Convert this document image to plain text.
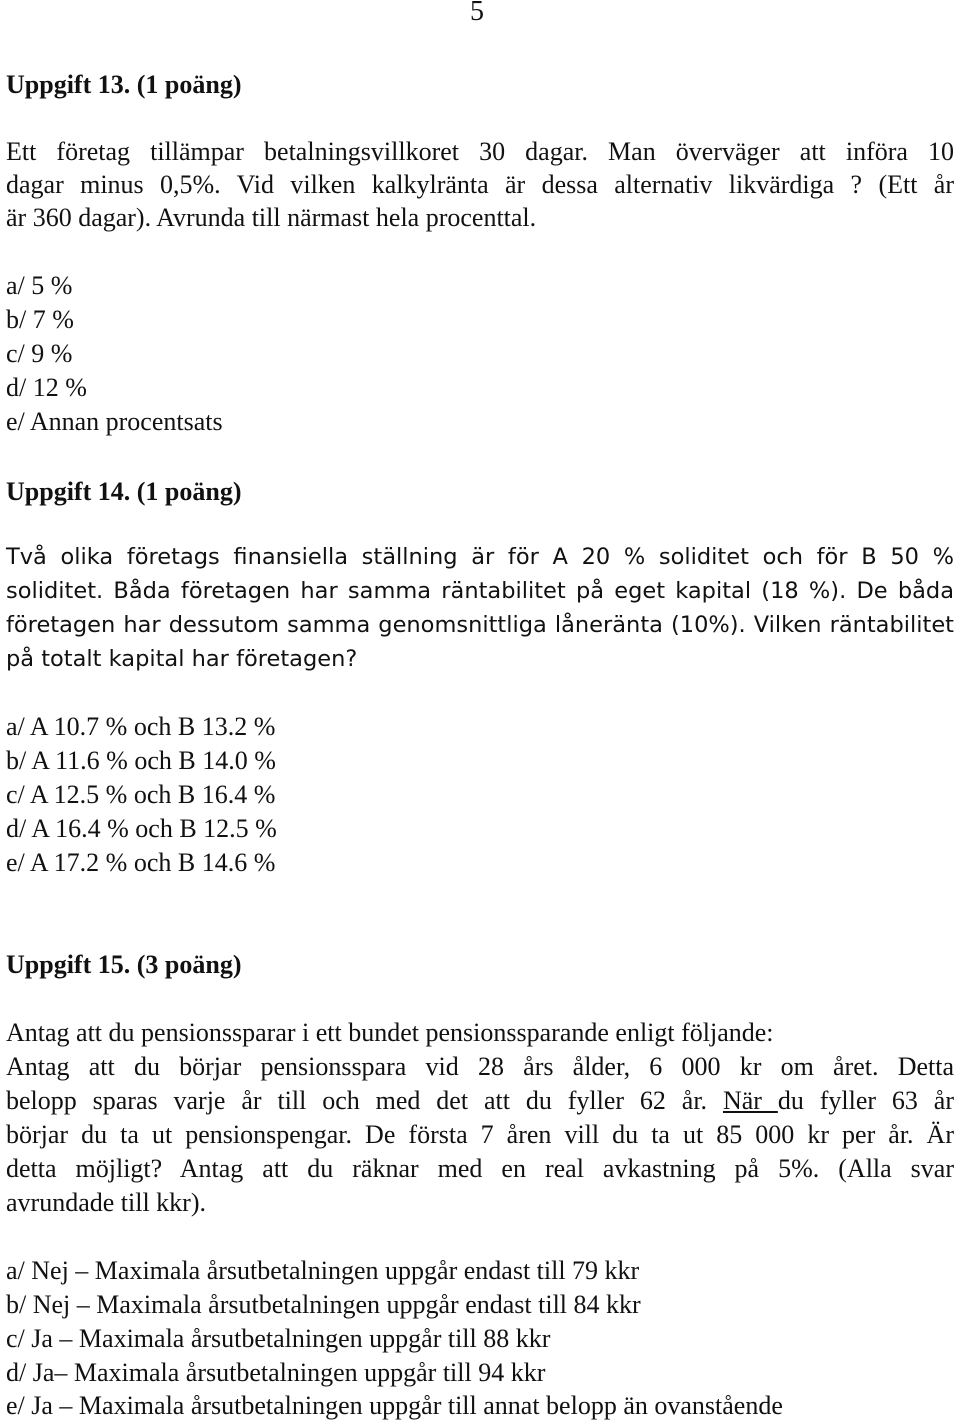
5
Uppgift 13. (1 poäng)
Ett företag tillämpar betalningsvillkoret 30 dagar. Man överväger att införa 10
dagar minus 0,5%. Vid vilken kalkylränta är dessa alternativ likvärdiga ? (Ett år
är 360 dagar). Avrunda till närmast hela procenttal.
a/ 5 %
b/ 7 %
c/ 9 %
d/ 12 %
e/ Annan procentsats
Uppgift 14. (1 poäng)
Två olika företags finansiella ställning är för A 20 % soliditet och för B 50 %
soliditet. Båda företagen har samma räntabilitet på eget kapital (18 %). De båda
företagen har dessutom samma genomsnittliga låneränta (10%). Vilken räntabilitet
på totalt kapital har företagen?
a/ A 10.7 % och B 13.2 %
b/ A 11.6 % och B 14.0 %
c/ A 12.5 % och B 16.4 %
d/ A 16.4 % och B 12.5 %
e/ A 17.2 % och B 14.6 %
Uppgift 15. (3 poäng)
Antag att du pensionssparar i ett bundet pensionssparande enligt följande:
Antag att du börjar pensionsspara vid 28 års ålder, 6 000 kr om året. Detta
belopp sparas varje år till och med det att du fyller 62 år. När du fyller 63 år
börjar du ta ut pensionspengar. De första 7 åren vill du ta ut 85 000 kr per år. Är
detta möjligt? Antag att du räknar med en real avkastning på 5%. (Alla svar
avrundade till kkr).
a/ Nej – Maximala årsutbetalningen uppgår endast till 79 kkr
b/ Nej – Maximala årsutbetalningen uppgår endast till 84 kkr
c/ Ja – Maximala årsutbetalningen uppgår till 88 kkr
d/ Ja– Maximala årsutbetalningen uppgår till 94 kkr
e/ Ja – Maximala årsutbetalningen uppgår till annat belopp än ovanstående
